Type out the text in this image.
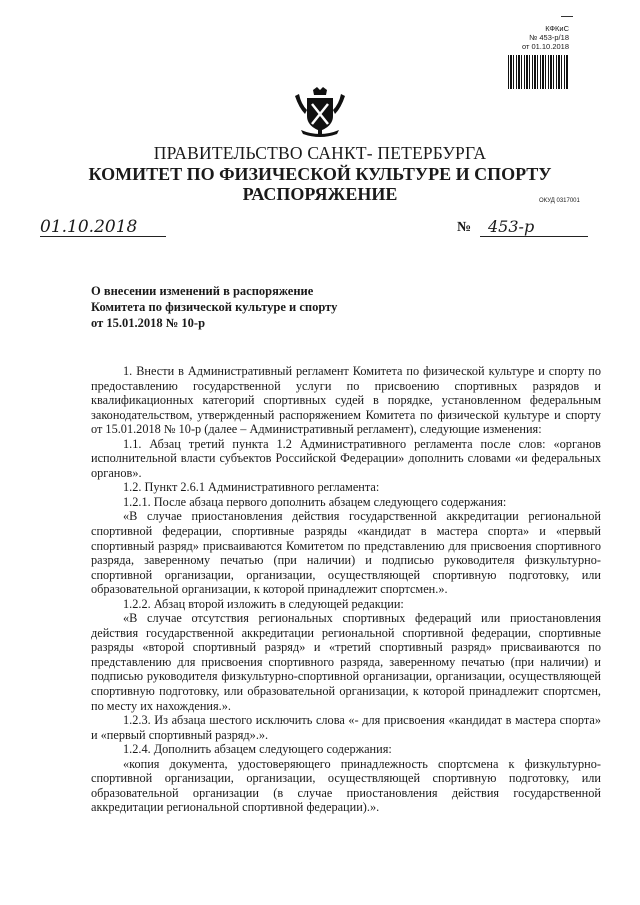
КФКиС
№ 453-р/18
от 01.10.2018
ПРАВИТЕЛЬСТВО САНКТ- ПЕТЕРБУРГА
КОМИТЕТ ПО ФИЗИЧЕСКОЙ КУЛЬТУРЕ И СПОРТУ
РАСПОРЯЖЕНИЕ	ОКУД 0317001
01.10.2018	№	453-р
О внесении изменений в распоряжение
Комитета по физической культуре и спорту
от 15.01.2018 № 10-р

1. Внести в Административный регламент Комитета по физической культуре и спорту по предоставлению государственной услуги по присвоению спортивных разрядов и квалификационных категорий спортивных судей в порядке, установленном федеральным законодательством, утвержденный распоряжением Комитета по физической культуре и спорту от 15.01.2018 № 10-р (далее – Административный регламент), следующие изменения:

1.1. Абзац третий пункта 1.2 Административного регламента после слов: «органов исполнительной власти субъектов Российской Федерации» дополнить словами «и федеральных органов».

1.2. Пункт 2.6.1 Административного регламента:

1.2.1. После абзаца первого дополнить абзацем следующего содержания:

«В случае приостановления действия государственной аккредитации региональной спортивной федерации, спортивные разряды «кандидат в мастера спорта» и «первый спортивный разряд» присваиваются Комитетом по представлению для присвоения спортивного разряда, заверенному печатью (при наличии) и подписью руководителя физкультурно-спортивной организации, организации, осуществляющей спортивную подготовку, или образовательной организации, к которой принадлежит спортсмен.».

1.2.2. Абзац второй изложить в следующей редакции:

«В случае отсутствия региональных спортивных федераций или приостановления действия государственной аккредитации региональной спортивной федерации, спортивные разряды «второй спортивный разряд» и «третий спортивный разряд» присваиваются по представлению для присвоения спортивного разряда, заверенному печатью (при наличии) и подписью руководителя физкультурно-спортивной организации, организации, осуществляющей спортивную подготовку, или образовательной организации, к которой принадлежит спортсмен, по месту их нахождения.».

1.2.3. Из абзаца шестого исключить слова «- для присвоения «кандидат в мастера спорта» и «первый спортивный разряд».».

1.2.4. Дополнить абзацем следующего содержания:

«копия документа, удостоверяющего принадлежность спортсмена к физкультурно-спортивной организации, организации, осуществляющей спортивную подготовку, или образовательной организации (в случае приостановления действия государственной аккредитации региональной спортивной федерации).».
